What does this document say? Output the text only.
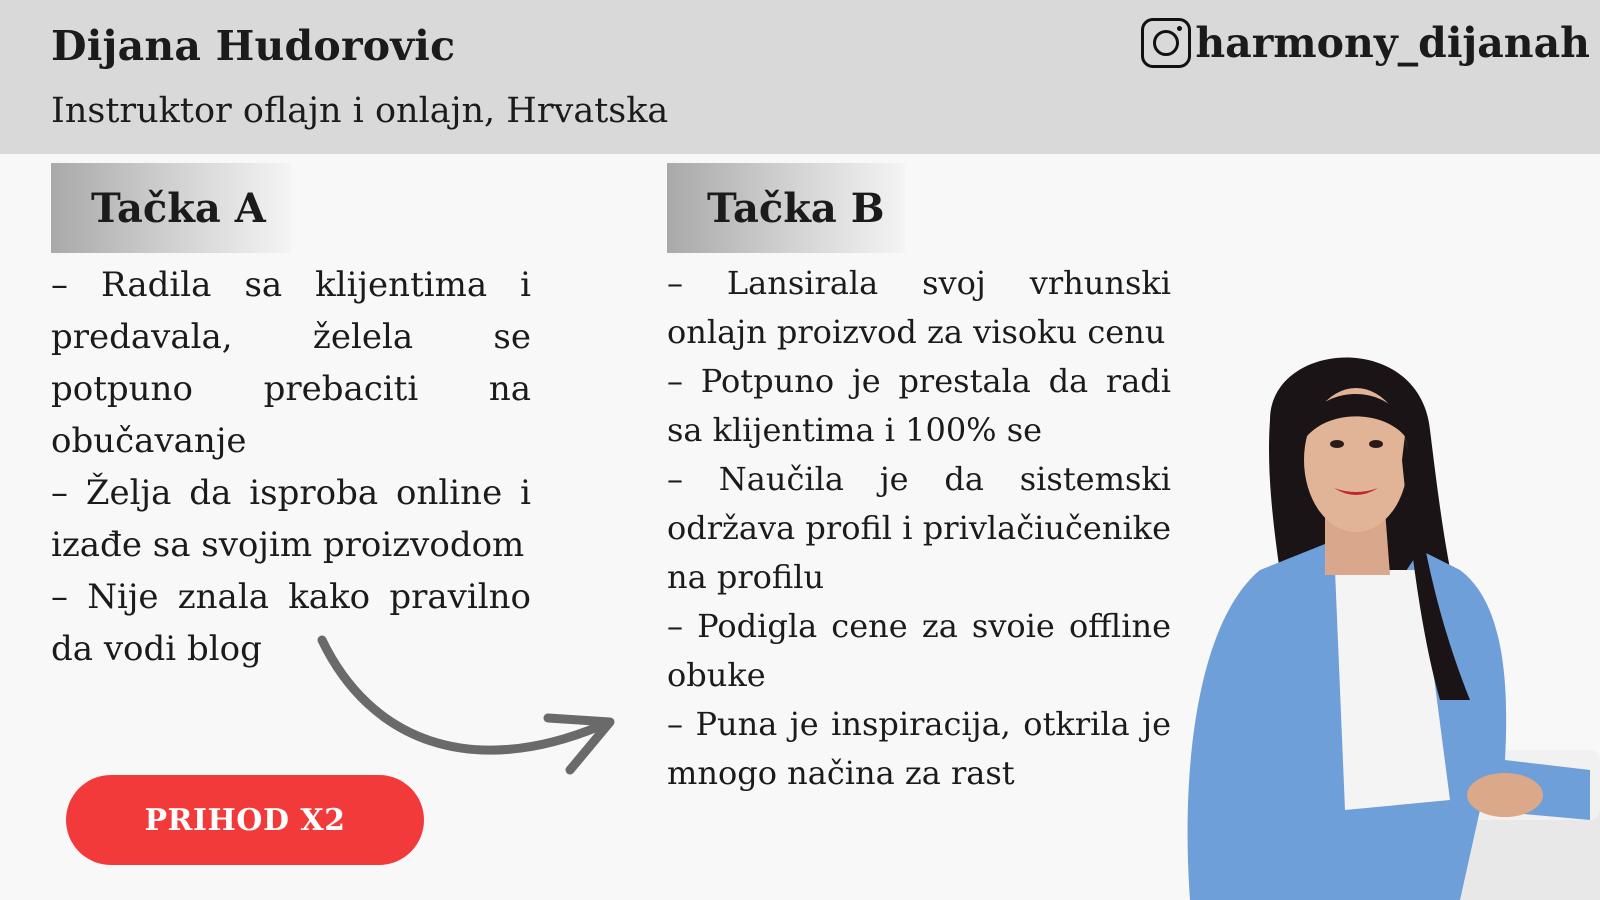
Dijana Hudorovic
Instruktor oflajn i onlajn, Hrvatska
harmony_dijanah
Tačka A	Tačka B

– Radila sa klijentima i predavala, želela se potpuno prebaciti na obučavanje

– Želja da isproba online i izađe sa svojim proizvodom

– Nije znala kako pravilno da vodi blog

– Lansirala svoj vrhunski onlajn proizvod za visoku cenu

– Potpuno je prestala da radi sa klijentima i 100% se

– Naučila je da sistemski održava profil i privlačiučenike na profilu

– Podigla cene za svoie offline obuke

– Puna je inspiracija, otkrila je mnogo načina za rast

PRIHOD X2
